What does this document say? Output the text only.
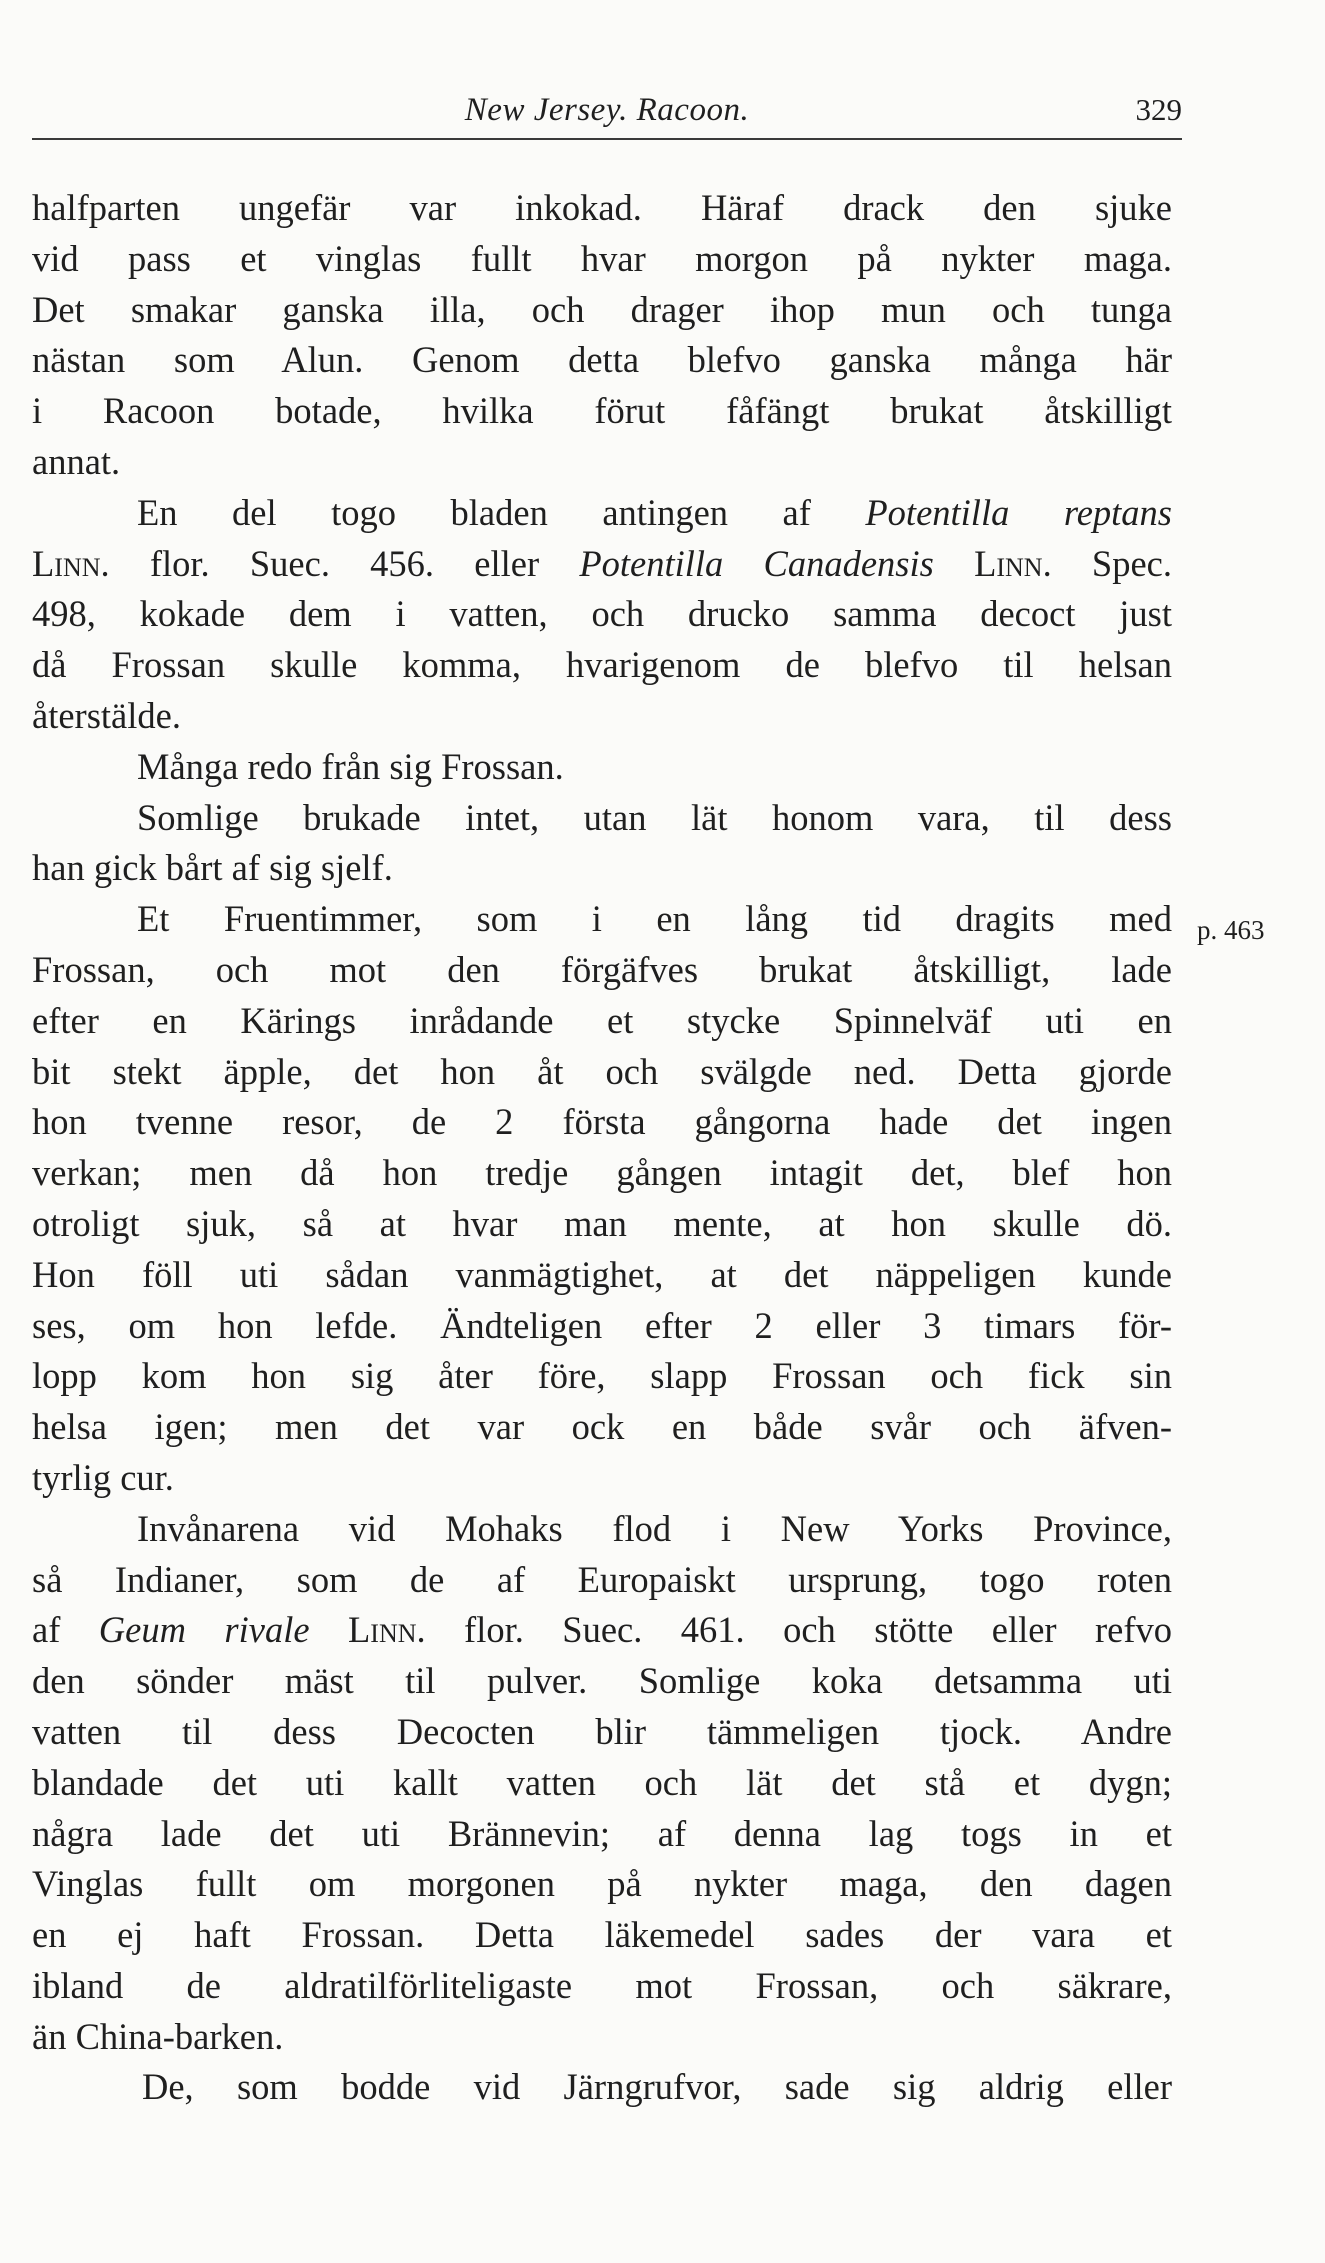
New Jersey. Racoon.	329
halfparten ungefär var inkokad. Häraf drack den sjuke
vid pass et vinglas fullt hvar morgon på nykter maga.
Det smakar ganska illa, och drager ihop mun och tunga
nästan som Alun. Genom detta blefvo ganska många här
i Racoon botade, hvilka förut fåfängt brukat åtskilligt
annat.
En del togo bladen antingen af Potentilla reptans
Linn. flor. Suec. 456. eller Potentilla Canadensis Linn. Spec.
498, kokade dem i vatten, och drucko samma decoct just
då Frossan skulle komma, hvarigenom de blefvo til helsan
återstälde.
Många redo från sig Frossan.
Somlige brukade intet, utan lät honom vara, til dess
han gick bårt af sig sjelf.
Et Fruentimmer, som i en lång tid dragits med
Frossan, och mot den förgäfves brukat åtskilligt, lade
efter en Kärings inrådande et stycke Spinnelväf uti en
bit stekt äpple, det hon åt och svälgde ned. Detta gjorde
hon tvenne resor, de 2 första gångorna hade det ingen
verkan; men då hon tredje gången intagit det, blef hon
otroligt sjuk, så at hvar man mente, at hon skulle dö.
Hon föll uti sådan vanmägtighet, at det näppeligen kunde
ses, om hon lefde. Ändteligen efter 2 eller 3 timars för-
lopp kom hon sig åter före, slapp Frossan och fick sin
helsa igen; men det var ock en både svår och äfven-
tyrlig cur.
Invånarena vid Mohaks flod i New Yorks Province,
så Indianer, som de af Europaiskt ursprung, togo roten
af Geum rivale Linn. flor. Suec. 461. och stötte eller refvo
den sönder mäst til pulver. Somlige koka detsamma uti
vatten til dess Decocten blir tämmeligen tjock. Andre
blandade det uti kallt vatten och lät det stå et dygn;
några lade det uti Brännevin; af denna lag togs in et
Vinglas fullt om morgonen på nykter maga, den dagen
en ej haft Frossan. Detta läkemedel sades der vara et
ibland de aldratilförliteligaste mot Frossan, och säkrare,
än China-barken.
De, som bodde vid Järngrufvor, sade sig aldrig eller
p. 463
